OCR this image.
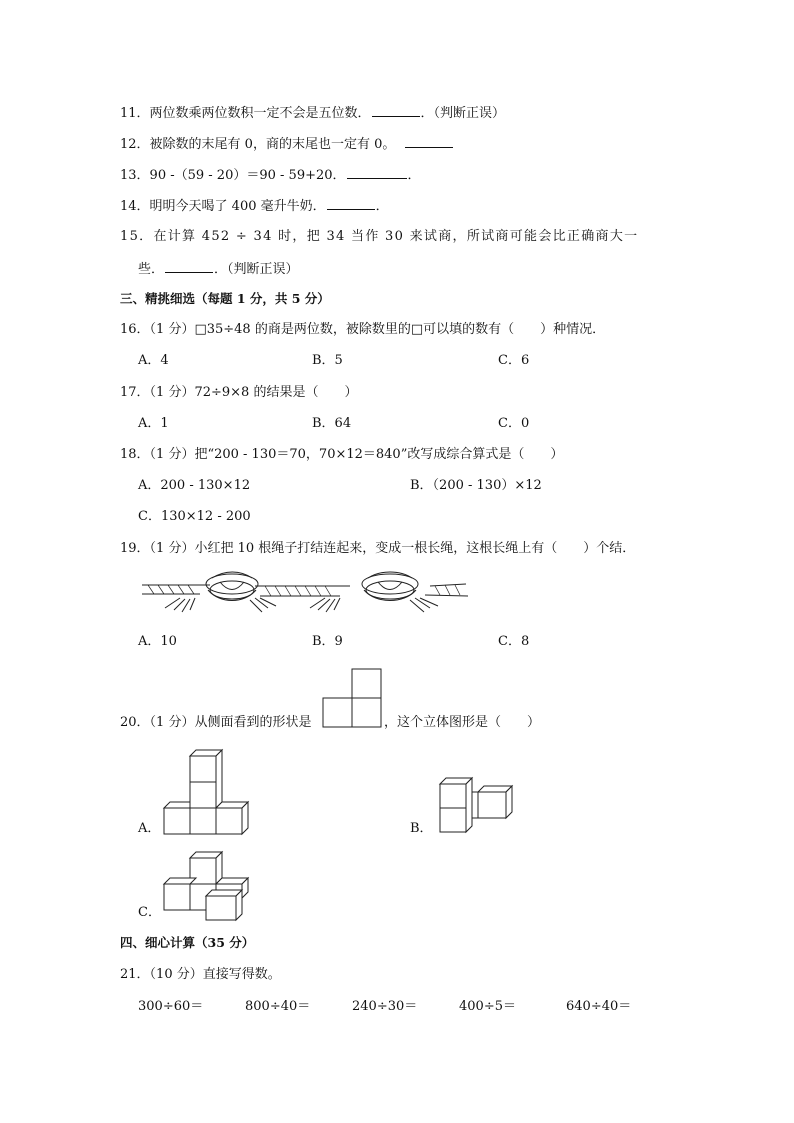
11．两位数乘两位数积一定不会是五位数．	．（判断正误）
12．被除数的末尾有 0，商的末尾也一定有 0。
13．90 -（59 - 20）＝90 - 59+20．	．
14．明明今天喝了 400 毫升牛奶．	．
15．在计算 452 ÷ 34 时，把 34 当作 30 来试商，所试商可能会比正确商大一
些．	．（判断正误）
三、精挑细选（每题 1 分，共 5 分）
16．（1 分）□35÷48 的商是两位数，被除数里的□可以填的数有（　　）种情况．
A．4	B．5	C．6
17．（1 分）72÷9×8 的结果是（　　）
A．1	B．64	C．0
18．（1 分）把“200 - 130＝70，70×12＝840”改写成综合算式是（　　）
A．200 - 130×12	B．（200 - 130）×12
C．130×12 - 200
19．（1 分）小红把 10 根绳子打结连起来，变成一根长绳，这根长绳上有（　　）个结．
A．10	B．9	C．8
20．（1 分）从侧面看到的形状是	，这个立体图形是（　　）
A．	B．
C．
四、细心计算（35 分）
21．（10 分）直接写得数。
300÷60＝	800÷40＝	240÷30＝	400÷5＝	640÷40＝
